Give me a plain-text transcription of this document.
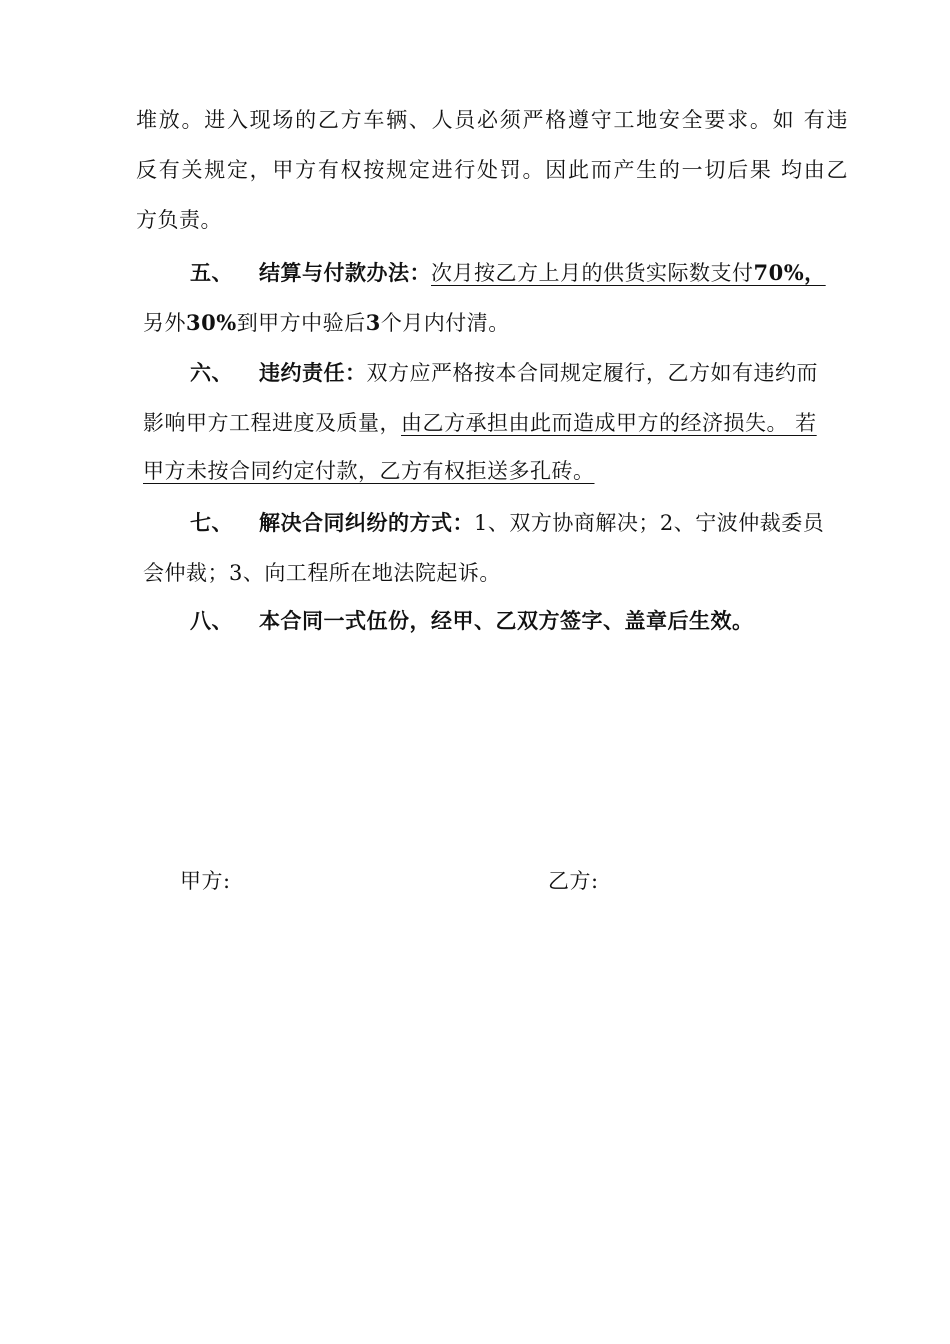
堆放。进入现场的乙方车辆、人员必须严格遵守工地安全要求。如 有违
反有关规定，甲方有权按规定进行处罚。因此而产生的一切后果 均由乙
方负责。
五、 结算与付款办法：次月按乙方上月的供货实际数支付70%，
另外30%到甲方中验后3个月内付清。
六、 违约责任：双方应严格按本合同规定履行，乙方如有违约而
影响甲方工程进度及质量，由乙方承担由此而造成甲方的经济损失。 若
甲方未按合同约定付款，乙方有权拒送多孔砖。
七、 解决合同纠纷的方式：1、双方协商解决；2、宁波仲裁委员
会仲裁；3、向工程所在地法院起诉。
八、 本合同一式伍份，经甲、乙双方签字、盖章后生效。
甲方:	乙方:
